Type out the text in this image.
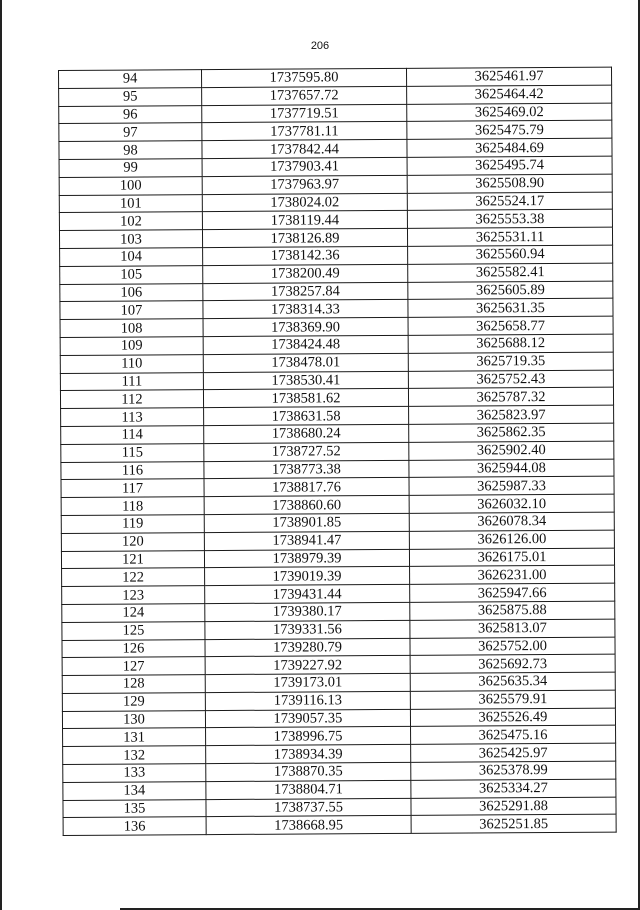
206
94	1737595.80	3625461.97
95	1737657.72	3625464.42
96	1737719.51	3625469.02
97	1737781.11	3625475.79
98	1737842.44	3625484.69
99	1737903.41	3625495.74
100	1737963.97	3625508.90
101	1738024.02	3625524.17
102	1738119.44	3625553.38
103	1738126.89	3625531.11
104	1738142.36	3625560.94
105	1738200.49	3625582.41
106	1738257.84	3625605.89
107	1738314.33	3625631.35
108	1738369.90	3625658.77
109	1738424.48	3625688.12
110	1738478.01	3625719.35
111	1738530.41	3625752.43
112	1738581.62	3625787.32
113	1738631.58	3625823.97
114	1738680.24	3625862.35
115	1738727.52	3625902.40
116	1738773.38	3625944.08
117	1738817.76	3625987.33
118	1738860.60	3626032.10
119	1738901.85	3626078.34
120	1738941.47	3626126.00
121	1738979.39	3626175.01
122	1739019.39	3626231.00
123	1739431.44	3625947.66
124	1739380.17	3625875.88
125	1739331.56	3625813.07
126	1739280.79	3625752.00
127	1739227.92	3625692.73
128	1739173.01	3625635.34
129	1739116.13	3625579.91
130	1739057.35	3625526.49
131	1738996.75	3625475.16
132	1738934.39	3625425.97
133	1738870.35	3625378.99
134	1738804.71	3625334.27
135	1738737.55	3625291.88
136	1738668.95	3625251.85
